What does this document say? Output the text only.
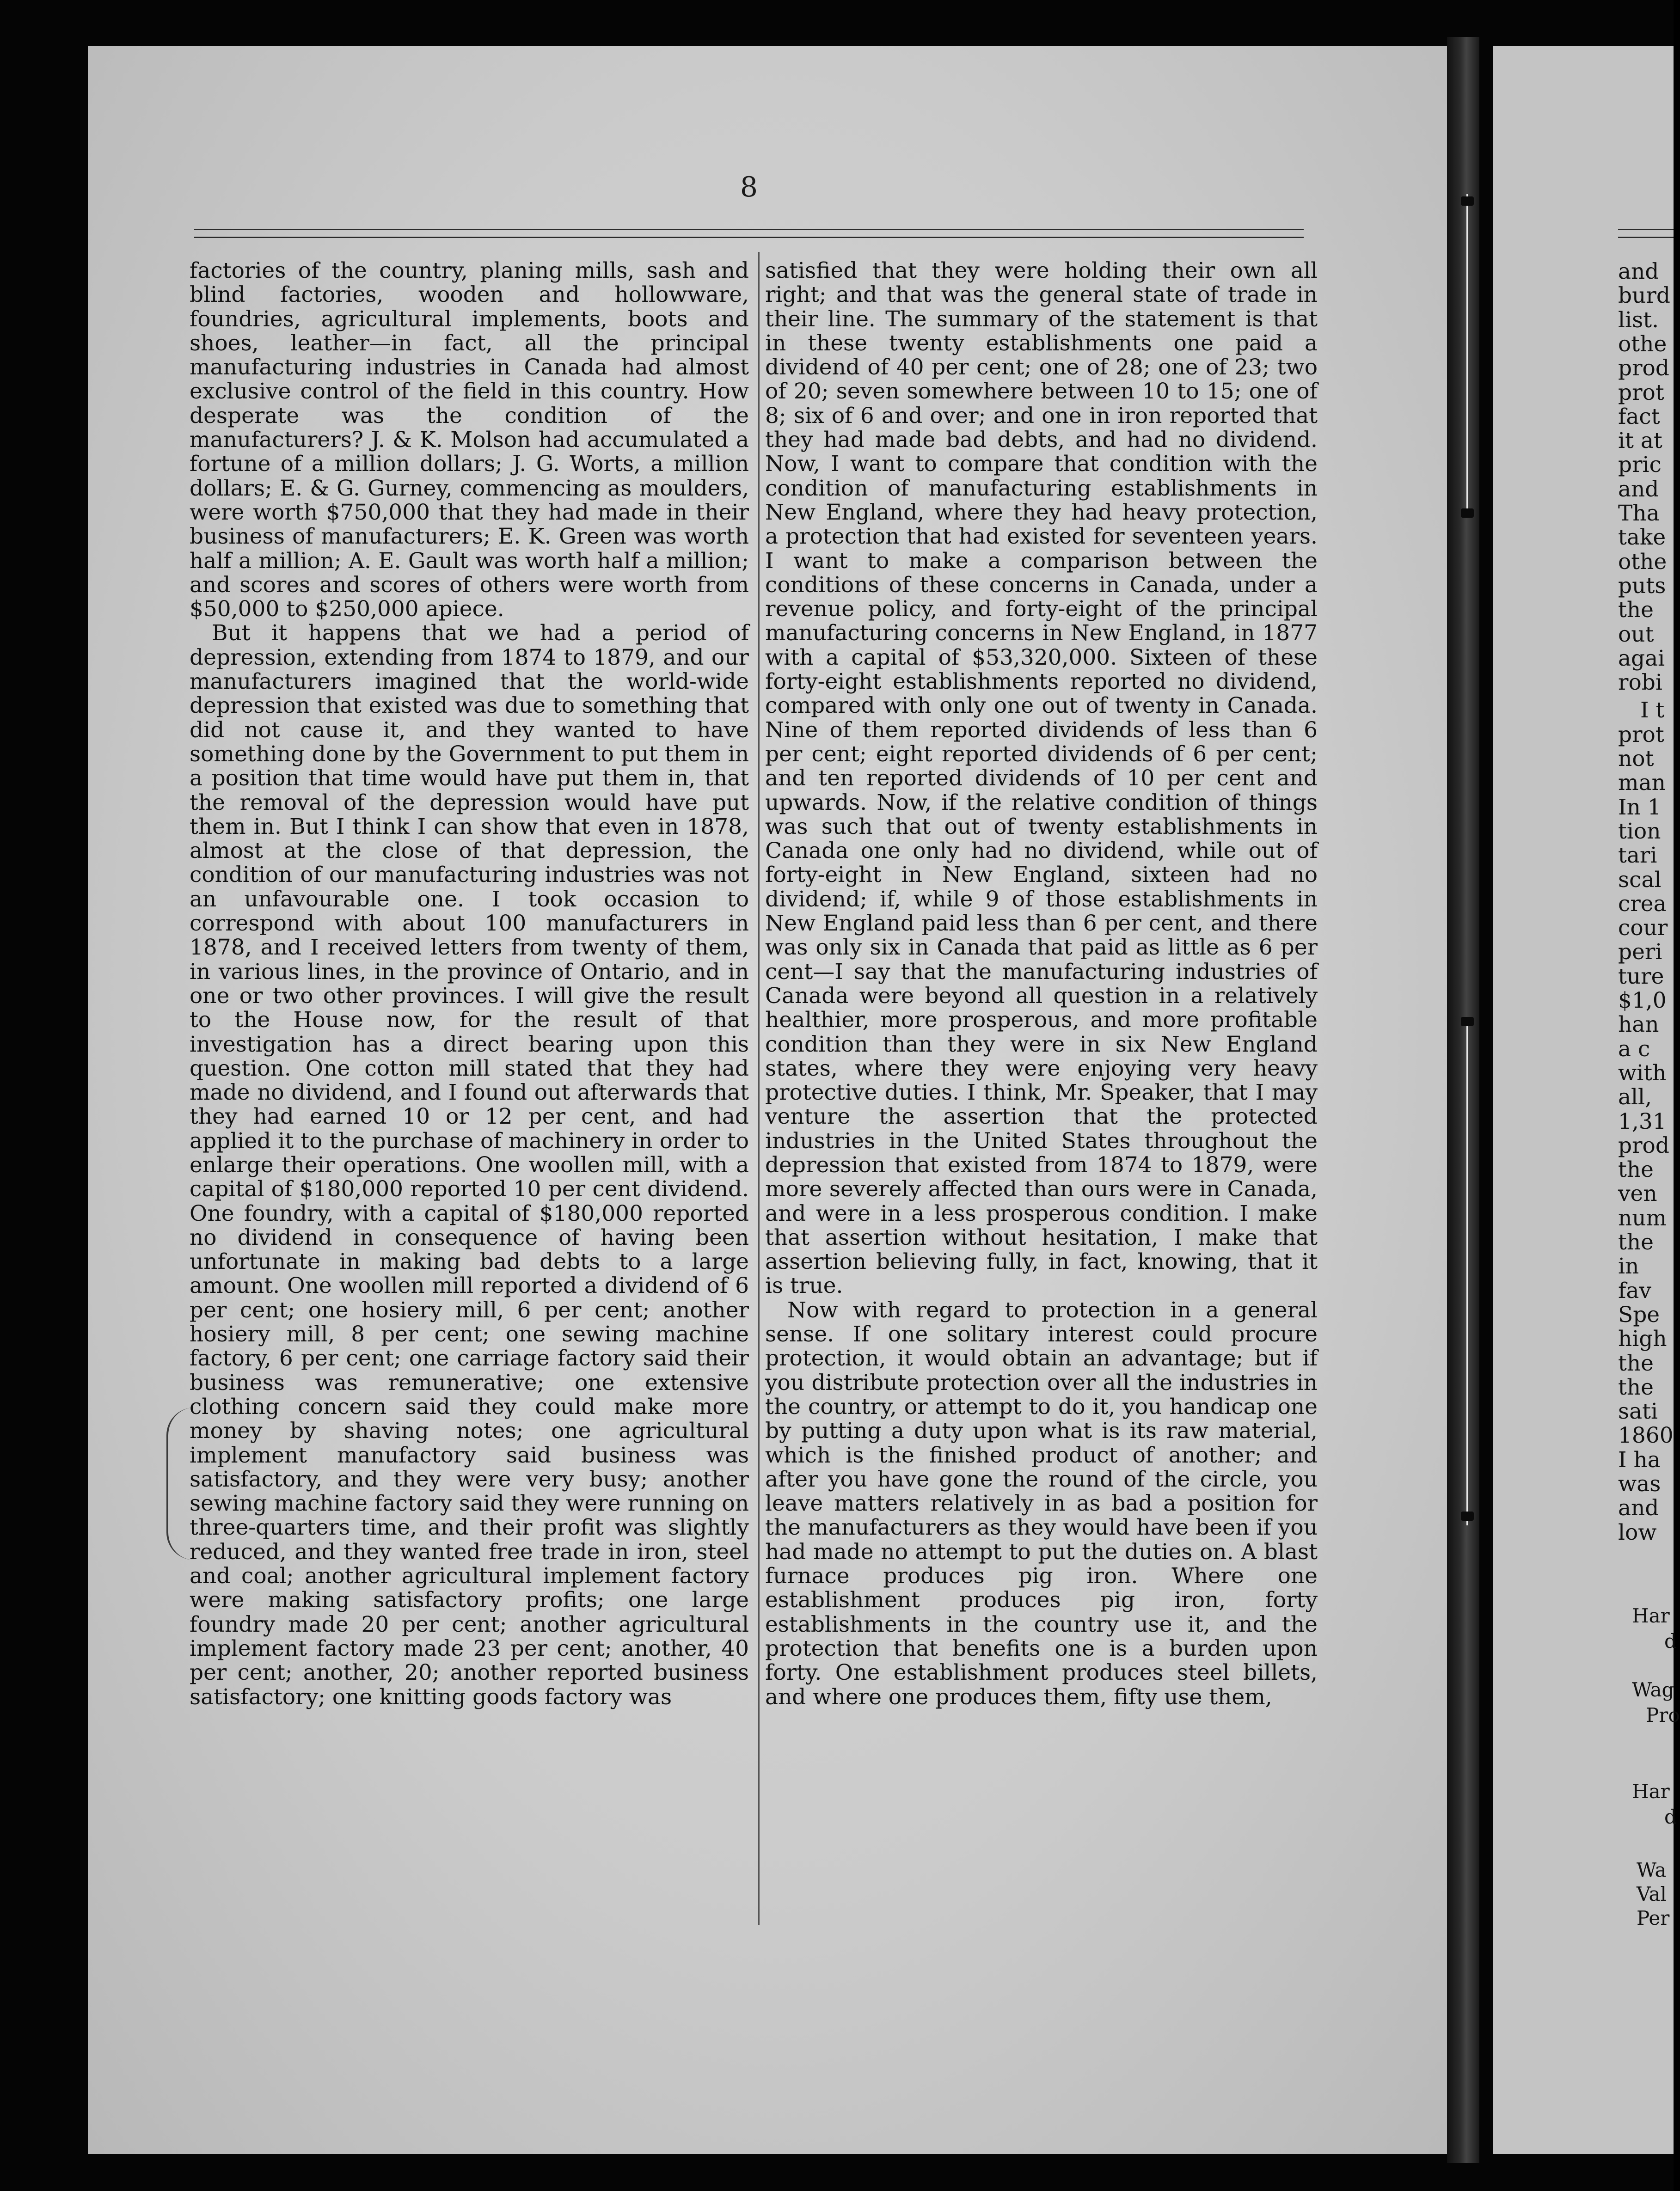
8

factories of the country, planing mills, sash and blind factories, wooden and hollowware, foundries, agricultural implements, boots and shoes, leather—in fact, all the principal manufacturing industries in Canada had almost exclusive control of the field in this country. How desperate was the condition of the manufacturers? J. & K. Molson had accumulated a fortune of a million dollars; J. G. Worts, a million dollars; E. & G. Gurney, commencing as moulders, were worth $750,000 that they had made in their business of manufacturers; E. K. Green was worth half a million; A. E. Gault was worth half a million; and scores and scores of others were worth from $50,000 to $250,000 apiece.

But it happens that we had a period of depression, extending from 1874 to 1879, and our manufacturers imagined that the world-wide depression that existed was due to something that did not cause it, and they wanted to have something done by the Government to put them in a position that time would have put them in, that the removal of the depression would have put them in. But I think I can show that even in 1878, almost at the close of that depression, the condition of our manufacturing industries was not an unfavourable one. I took occasion to correspond with about 100 manufacturers in 1878, and I received letters from twenty of them, in various lines, in the province of Ontario, and in one or two other provinces. I will give the result to the House now, for the result of that investigation has a direct bearing upon this question. One cotton mill stated that they had made no dividend, and I found out afterwards that they had earned 10 or 12 per cent, and had applied it to the purchase of machinery in order to enlarge their operations. One woollen mill, with a capital of $180,000 reported 10 per cent dividend. One foundry, with a capital of $180,000 reported no dividend in consequence of having been unfortunate in making bad debts to a large amount. One woollen mill reported a dividend of 6 per cent; one hosiery mill, 6 per cent; another hosiery mill, 8 per cent; one sewing machine factory, 6 per cent; one carriage factory said their business was remunerative; one extensive clothing concern said they could make more money by shaving notes; one agricultural implement manufactory said business was satisfactory, and they were very busy; another sewing machine factory said they were running on three-quarters time, and their profit was slightly reduced, and they wanted free trade in iron, steel and coal; another agricultural implement factory were making satisfactory profits; one large foundry made 20 per cent; another agricultural implement factory made 23 per cent; another, 40 per cent; another, 20; another reported business satisfactory; one knitting goods factory was

satisfied that they were holding their own all right; and that was the general state of trade in their line. The summary of the statement is that in these twenty establishments one paid a dividend of 40 per cent; one of 28; one of 23; two of 20; seven somewhere between 10 to 15; one of 8; six of 6 and over; and one in iron reported that they had made bad debts, and had no dividend. Now, I want to compare that condition with the condition of manufacturing establishments in New England, where they had heavy protection, a protection that had existed for seventeen years. I want to make a comparison between the conditions of these concerns in Canada, under a revenue policy, and forty-eight of the principal manufacturing concerns in New England, in 1877 with a capital of $53,320,000. Sixteen of these forty-eight establishments reported no dividend, compared with only one out of twenty in Canada. Nine of them reported dividends of less than 6 per cent; eight reported dividends of 6 per cent; and ten reported dividends of 10 per cent and upwards. Now, if the relative condition of things was such that out of twenty establishments in Canada one only had no dividend, while out of forty-eight in New England, sixteen had no dividend; if, while 9 of those establishments in New England paid less than 6 per cent, and there was only six in Canada that paid as little as 6 per cent—I say that the manufacturing industries of Canada were beyond all question in a relatively healthier, more prosperous, and more profitable condition than they were in six New England states, where they were enjoying very heavy protective duties. I think, Mr. Speaker, that I may venture the assertion that the protected industries in the United States throughout the depression that existed from 1874 to 1879, were more severely affected than ours were in Canada, and were in a less prosperous condition. I make that assertion without hesitation, I make that assertion believing fully, in fact, knowing, that it is true.

Now with regard to protection in a general sense. If one solitary interest could procure protection, it would obtain an advantage; but if you distribute protection over all the industries in the country, or attempt to do it, you handicap one by putting a duty upon what is its raw material, which is the finished product of another; and after you have gone the round of the circle, you leave matters relatively in as bad a position for the manufacturers as they would have been if you had made no attempt to put the duties on. A blast furnace produces pig iron. Where one establishment produces pig iron, forty establishments in the country use it, and the protection that benefits one is a burden upon forty. One establishment produces steel billets, and where one produces them, fifty use them,

and
burd
list.
othe
prod
prot
fact
it at
pric
and
Tha
take
othe
puts
the
out
agai
robi
I t
prot
not
man
In 1
tion
tari
scal
crea
cour
peri
ture
$1,0
han
a c
with
all,
1,31
prod
the
ven
num
the
in
fav
Spe
high
the
the
sati
1860
I ha
was
and
low
Har
d
Wag
Pro
Har
d
Wa
Val
Per
